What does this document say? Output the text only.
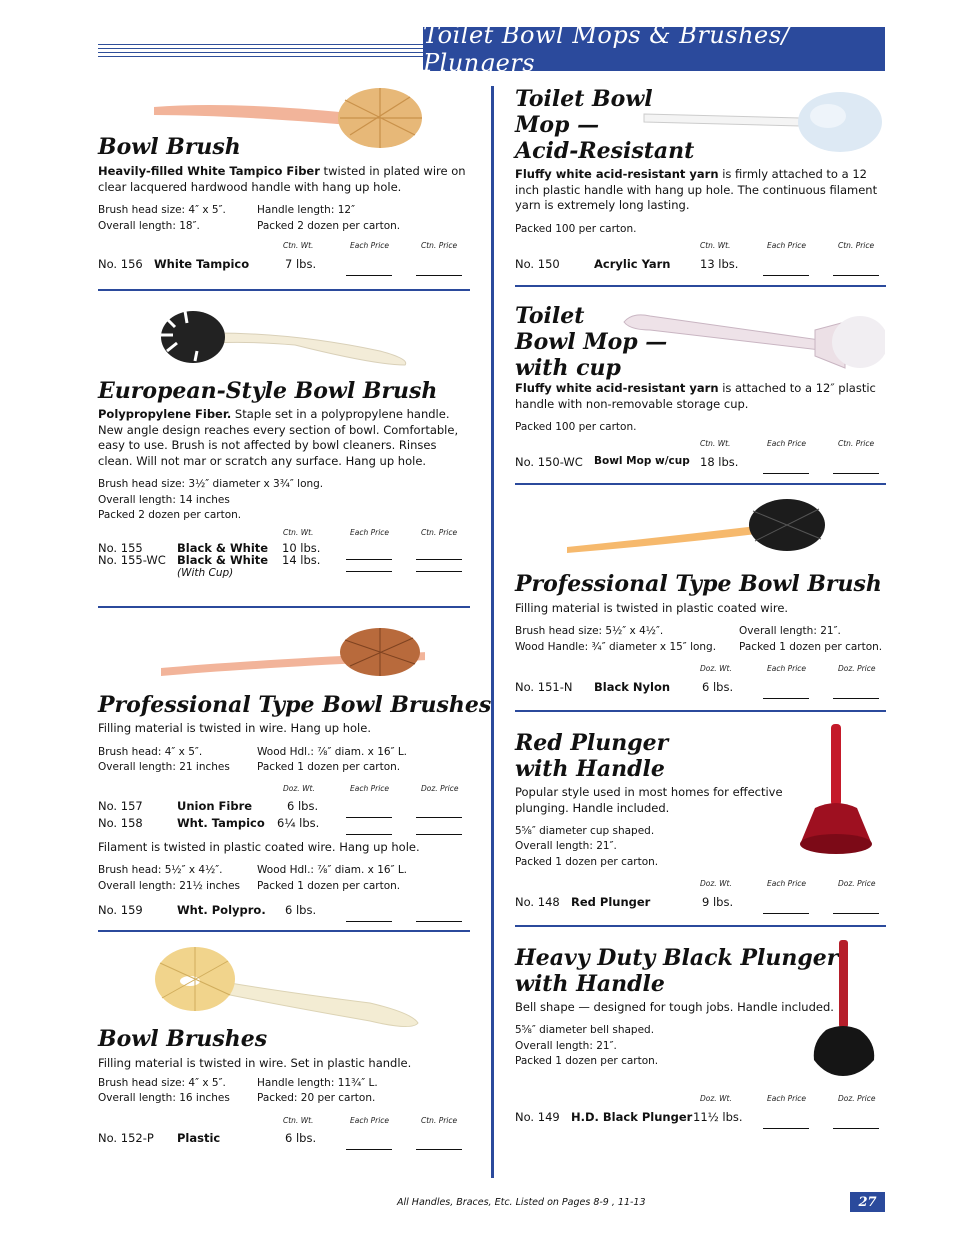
Toilet Bowl Mops & Brushes/ Plungers
Bowl Brush
Heavily-filled White Tampico Fiber twisted in plated wire on clear lacquered hardwood handle with hang up hole.
Brush head size: 4″ x 5″.	Handle length: 12″
Overall length: 18″.	Packed 2 dozen per carton.
Ctn. Wt.	Each Price	Ctn. Price
No. 156 White Tampico	7 lbs.
European-Style Bowl Brush
Polypropylene Fiber. Staple set in a polypropylene handle. New angle design reaches every section of bowl. Comfortable, easy to use. Brush is not affected by bowl cleaners. Rinses clean. Will not mar or scratch any surface. Hang up hole.
Brush head size: 3½″ diameter x 3¾″ long.
Overall length: 14 inches
Packed 2 dozen per carton.
Ctn. Wt.	Each Price	Ctn. Price
No. 155	Black & White 10 lbs.
No. 155-WC Black & White 14 lbs.
(With Cup)
Professional Type Bowl Brushes
Filling material is twisted in wire. Hang up hole.
Brush head: 4″ x 5″.	Wood Hdl.: ⅞″ diam. x 16″ L.
Overall length: 21 inches	Packed 1 dozen per carton.
Doz. Wt.	Each Price	Doz. Price
No. 157	Union Fibre	6 lbs.
No. 158	Wht. Tampico 6¼ lbs.
Filament is twisted in plastic coated wire. Hang up hole.
Brush head: 5½″ x 4½″.	Wood Hdl.: ⅞″ diam. x 16″ L.
Overall length: 21½ inches Packed 1 dozen per carton.
No. 159	Wht. Polypro. 6 lbs.
Bowl Brushes
Filling material is twisted in wire. Set in plastic handle.
Brush head size: 4″ x 5″.	Handle length: 11¾″ L.
Overall length: 16 inches	Packed: 20 per carton.
Ctn. Wt.	Each Price	Ctn. Price
No. 152-P Plastic	6 lbs.
Toilet Bowl
Mop —
Acid-Resistant
Fluffy white acid-resistant yarn is firmly attached to a 12 inch plastic handle with hang up hole. The continuous filament yarn is extremely long lasting.
Packed 100 per carton.
Ctn. Wt.	Each Price	Ctn. Price
No. 150	Acrylic Yarn	13 lbs.
Toilet
Bowl Mop —
with cup
Fluffy white acid-resistant yarn is attached to a 12″ plastic handle with non-removable storage cup.
Packed 100 per carton.
Ctn. Wt.	Each Price	Ctn. Price
No. 150-WC Bowl Mop w/cup 18 lbs.
Professional Type Bowl Brush
Filling material is twisted in plastic coated wire.
Brush head size: 5½″ x 4½″.	Overall length: 21″.
Wood Handle: ¾″ diameter x 15″ long. Packed 1 dozen per carton.
Doz. Wt.	Each Price	Doz. Price
No. 151-N Black Nylon	6 lbs.
Red Plunger
with Handle
Popular style used in most homes for effective plunging. Handle included.
5⅝″ diameter cup shaped.
Overall length: 21″.
Packed 1 dozen per carton.
Doz. Wt.	Each Price	Doz. Price
No. 148 Red Plunger	9 lbs.
Heavy Duty Black Plunger
with Handle
Bell shape — designed for tough jobs. Handle included.
5⅝″ diameter bell shaped.
Overall length: 21″.
Packed 1 dozen per carton.
Doz. Wt.	Each Price	Doz. Price
No. 149 H.D. Black Plunger 11½ lbs.
All Handles, Braces, Etc. Listed on Pages 8-9 , 11-13	27
